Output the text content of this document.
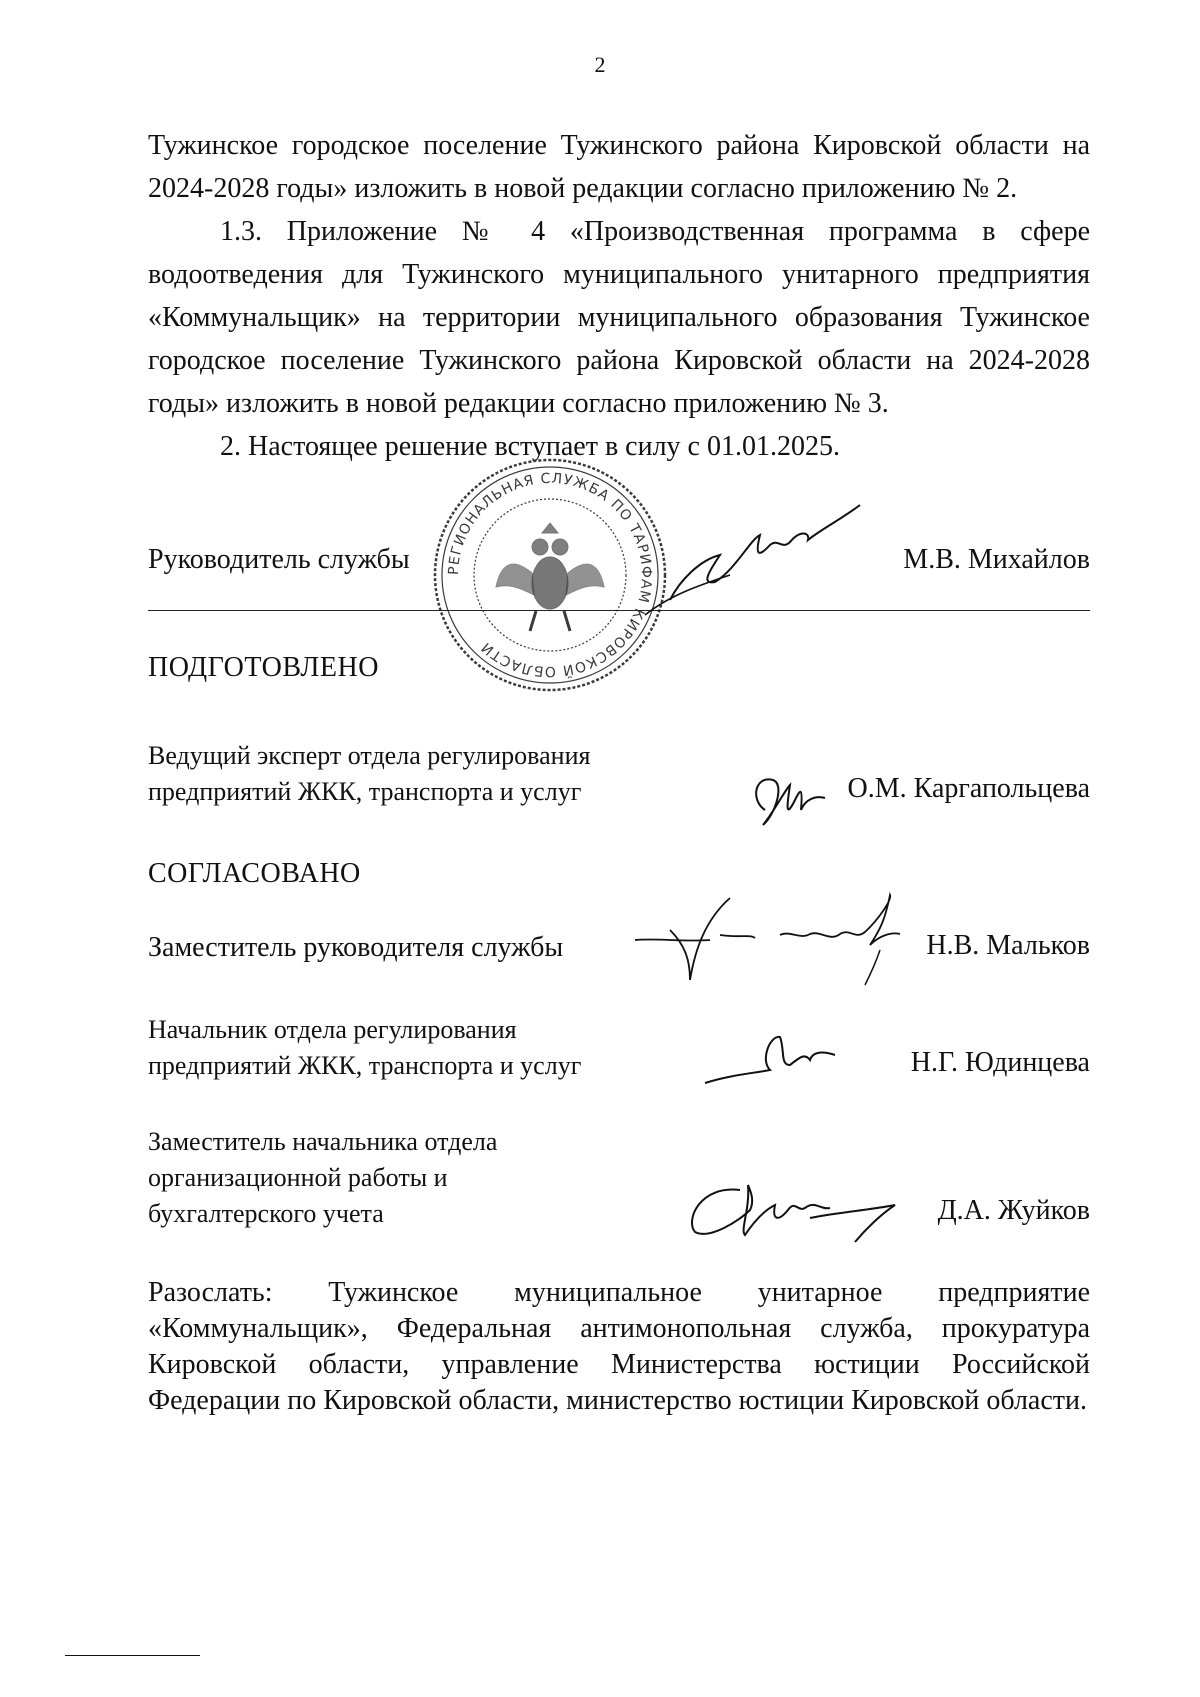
2
Тужинское городское поселение Тужинского района Кировской области на 2024-2028 годы» изложить в новой редакции согласно приложению № 2.
1.3. Приложение № 4 «Производственная программа в сфере водоотведения для Тужинского муниципального унитарного предприятия «Коммунальщик» на территории муниципального образования Тужинское городское поселение Тужинского района Кировской области на 2024-2028 годы» изложить в новой редакции согласно приложению № 3.
2. Настоящее решение вступает в силу с 01.01.2025.
РЕГИОНАЛЬНАЯ СЛУЖБА ПО ТАРИФАМ КИРОВСКОЙ ОБЛАСТИ
Руководитель службы	М.В. Михайлов
ПОДГОТОВЛЕНО
Ведущий эксперт отдела регулирования
предприятий ЖКК, транспорта и услуг	О.М. Каргапольцева
СОГЛАСОВАНО
Заместитель руководителя службы	Н.В. Мальков
Начальник отдела регулирования
предприятий ЖКК, транспорта и услуг	Н.Г. Юдинцева
Заместитель начальника отдела
организационной работы и
бухгалтерского учета	Д.А. Жуйков
Разослать: Тужинское муниципальное унитарное предприятие «Коммунальщик», Федеральная антимонопольная служба, прокуратура Кировской области, управление Министерства юстиции Российской Федерации по Кировской области, министерство юстиции Кировской области.
